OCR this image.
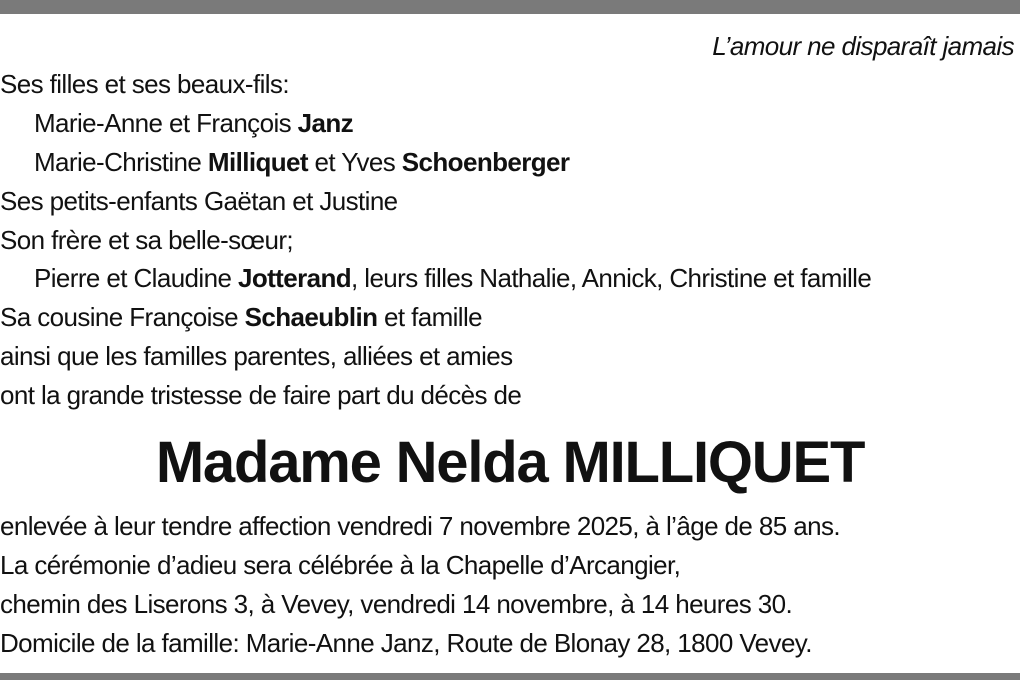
L’amour ne disparaît jamais
Ses filles et ses beaux-fils:
Marie-Anne et François Janz
Marie-Christine Milliquet et Yves Schoenberger
Ses petits-enfants Gaëtan et Justine
Son frère et sa belle-sœur;
Pierre et Claudine Jotterand, leurs filles Nathalie, Annick, Christine et famille
Sa cousine Françoise Schaeublin et famille
ainsi que les familles parentes, alliées et amies
ont la grande tristesse de faire part du décès de
Madame Nelda MILLIQUET
enlevée à leur tendre affection vendredi 7 novembre 2025, à l’âge de 85 ans.
La cérémonie d’adieu sera célébrée à la Chapelle d’Arcangier,
chemin des Liserons 3, à Vevey, vendredi 14 novembre, à 14 heures 30.
Domicile de la famille: Marie-Anne Janz, Route de Blonay 28, 1800 Vevey.
